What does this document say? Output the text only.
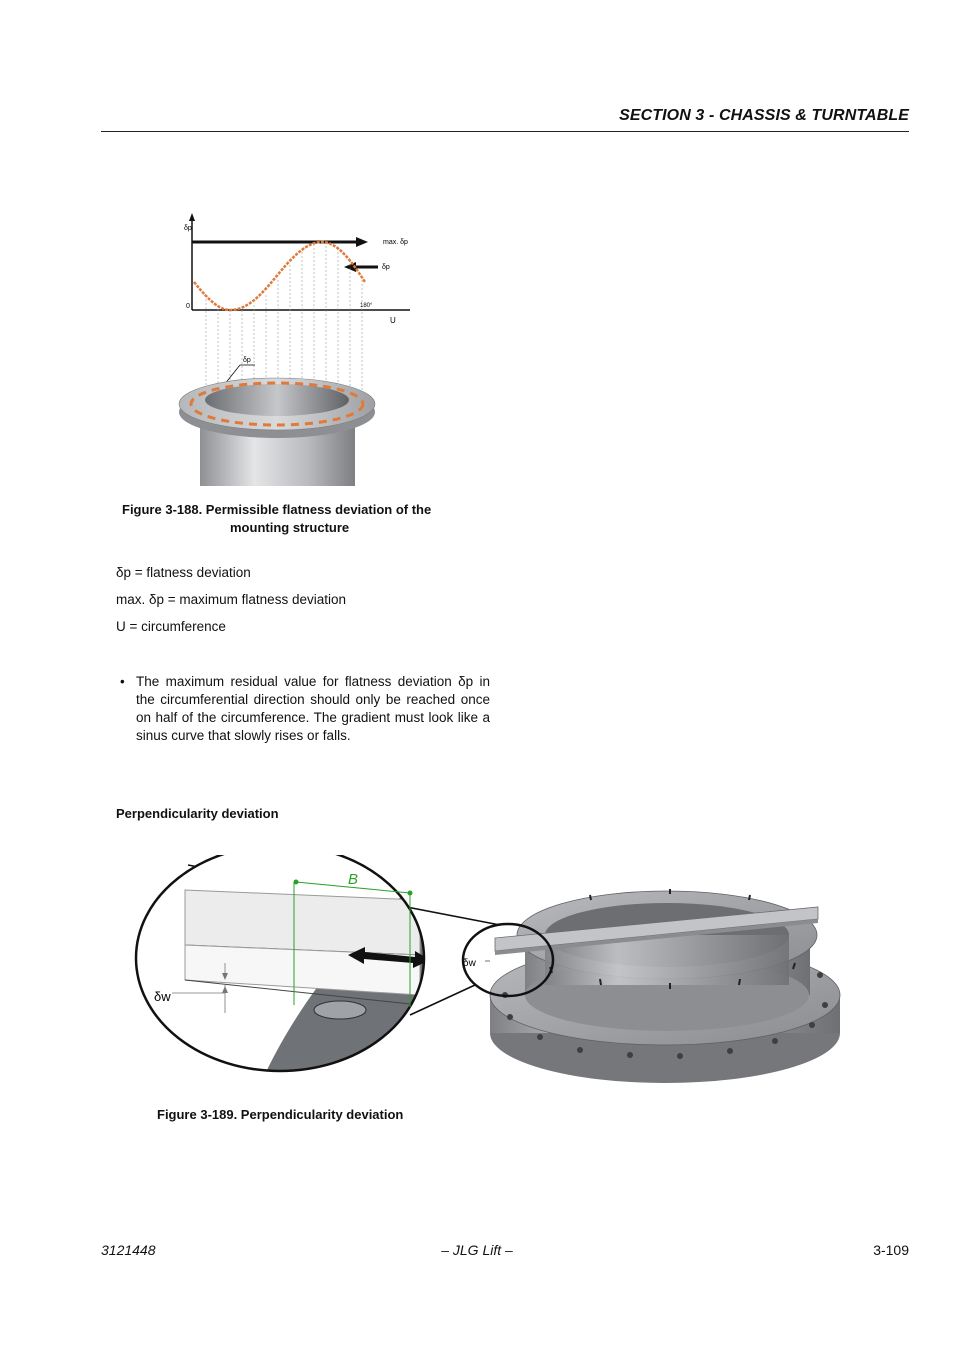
SECTION 3 - CHASSIS & TURNTABLE
δp
0	180°
U
max. δp
δp
δp
Figure 3-188. Permissible flatness deviation of the
mounting structure
δp = flatness deviation
max. δp = maximum flatness deviation
U = circumference
• The maximum residual value for flatness deviation δp in the circumferential direction should only be reached once on half of the circumference. The gradient must look like a sinus curve that slowly rises or falls.
Perpendicularity deviation
δw
B
δw
Figure 3-189. Perpendicularity deviation
3121448	– JLG Lift –	3-109
